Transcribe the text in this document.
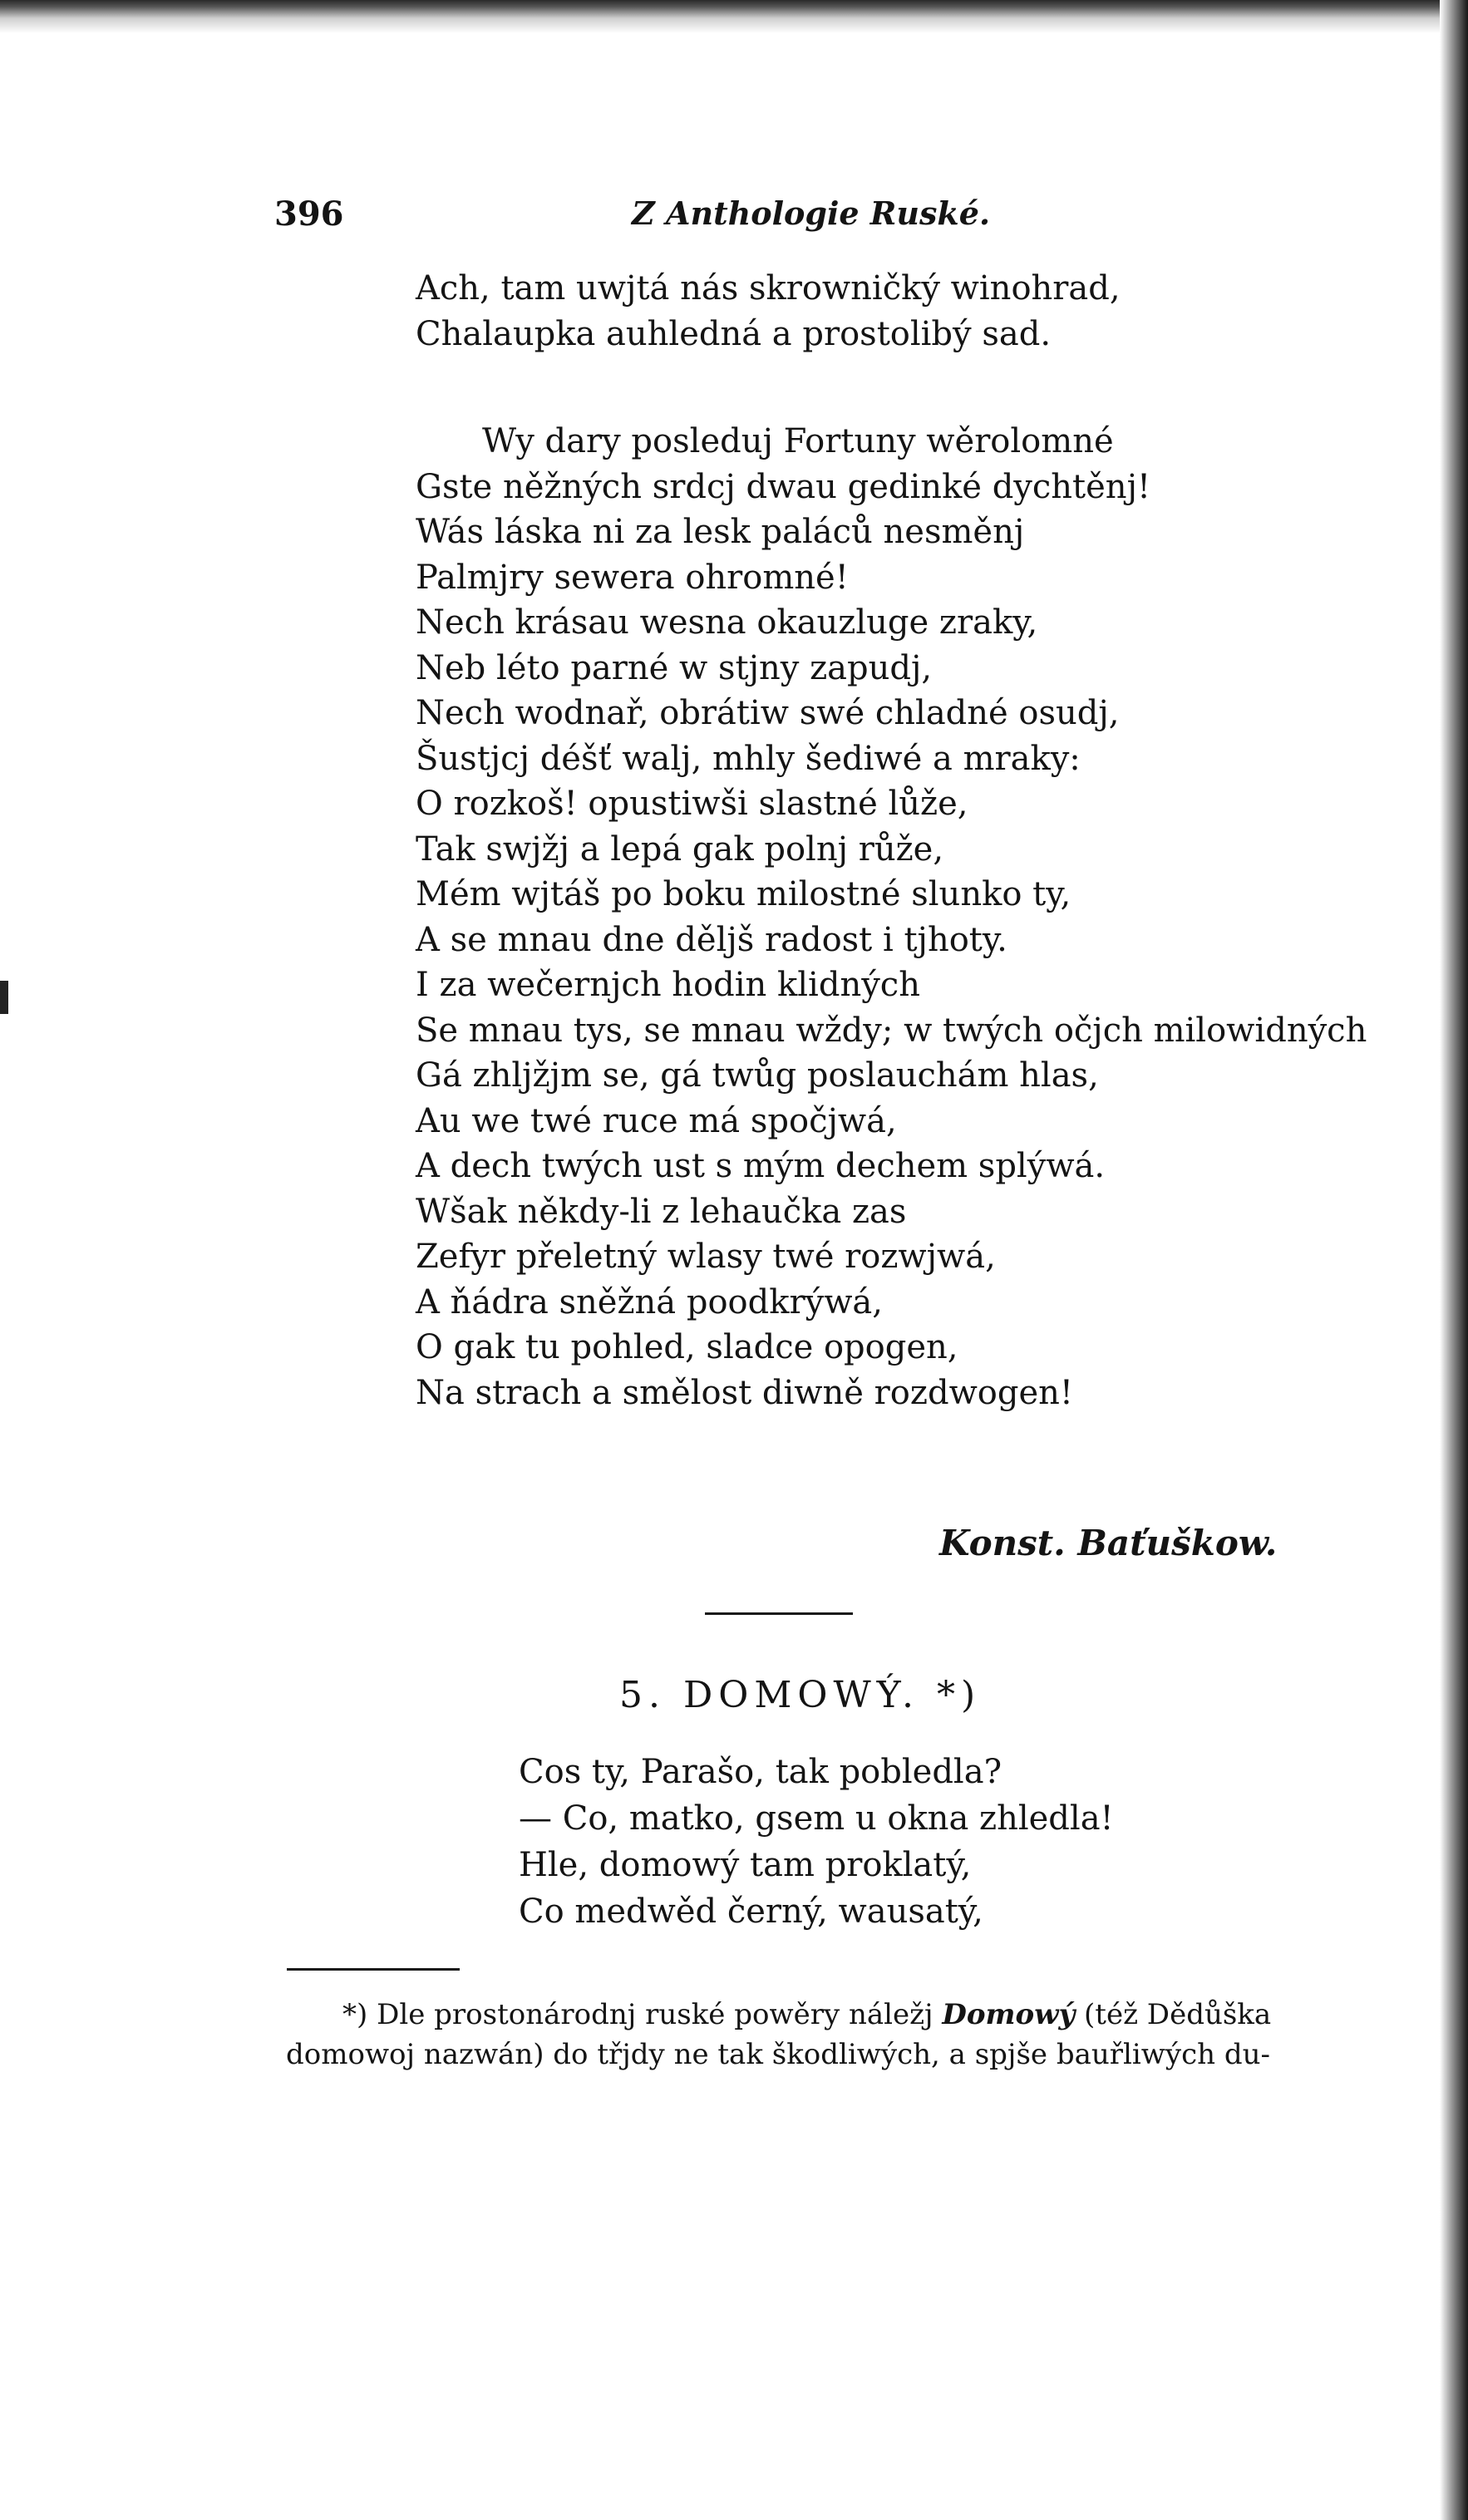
396	Z Anthologie Ruské.
Ach, tam uwjtá nás skrowničký winohrad,
Chalaupka auhledná a prostolibý sad.
Wy dary posleduj Fortuny wěrolomné
Gste něžných srdcj dwau gedinké dychtěnj!
Wás láska ni za lesk paláců nesměnj
Palmjry sewera ohromné!
Nech krásau wesna okauzluge zraky,
Neb léto parné w stjny zapudj,
Nech wodnař, obrátiw swé chladné osudj,
Šustjcj déšť walj, mhly šediwé a mraky:
O rozkoš! opustiwši slastné lůže,
Tak swjžj a lepá gak polnj růže,
Mém wjtáš po boku milostné slunko ty,
A se mnau dne děljš radost i tjhoty.
I za wečernjch hodin klidných
Se mnau tys, se mnau wždy; w twých očjch milowidných
Gá zhljžjm se, gá twůg poslauchám hlas,
Au we twé ruce má spočjwá,
A dech twých ust s mým dechem splýwá.
Wšak někdy-li z lehaučka zas
Zefyr přeletný wlasy twé rozwjwá,
A ňádra sněžná poodkrýwá,
O gak tu pohled, sladce opogen,
Na strach a smělost diwně rozdwogen!
Konst. Baťuškow.
5. DOMOWÝ. *)
Cos ty, Parašo, tak pobledla?
— Co, matko, gsem u okna zhledla!
Hle, domowý tam proklatý,
Co medwěd černý, wausatý,
*) Dle prostonárodnj ruské powěry náležj Domowý (též Dědůška
domowoj nazwán) do třjdy ne tak škodliwých, a spjše bauřliwých du-
